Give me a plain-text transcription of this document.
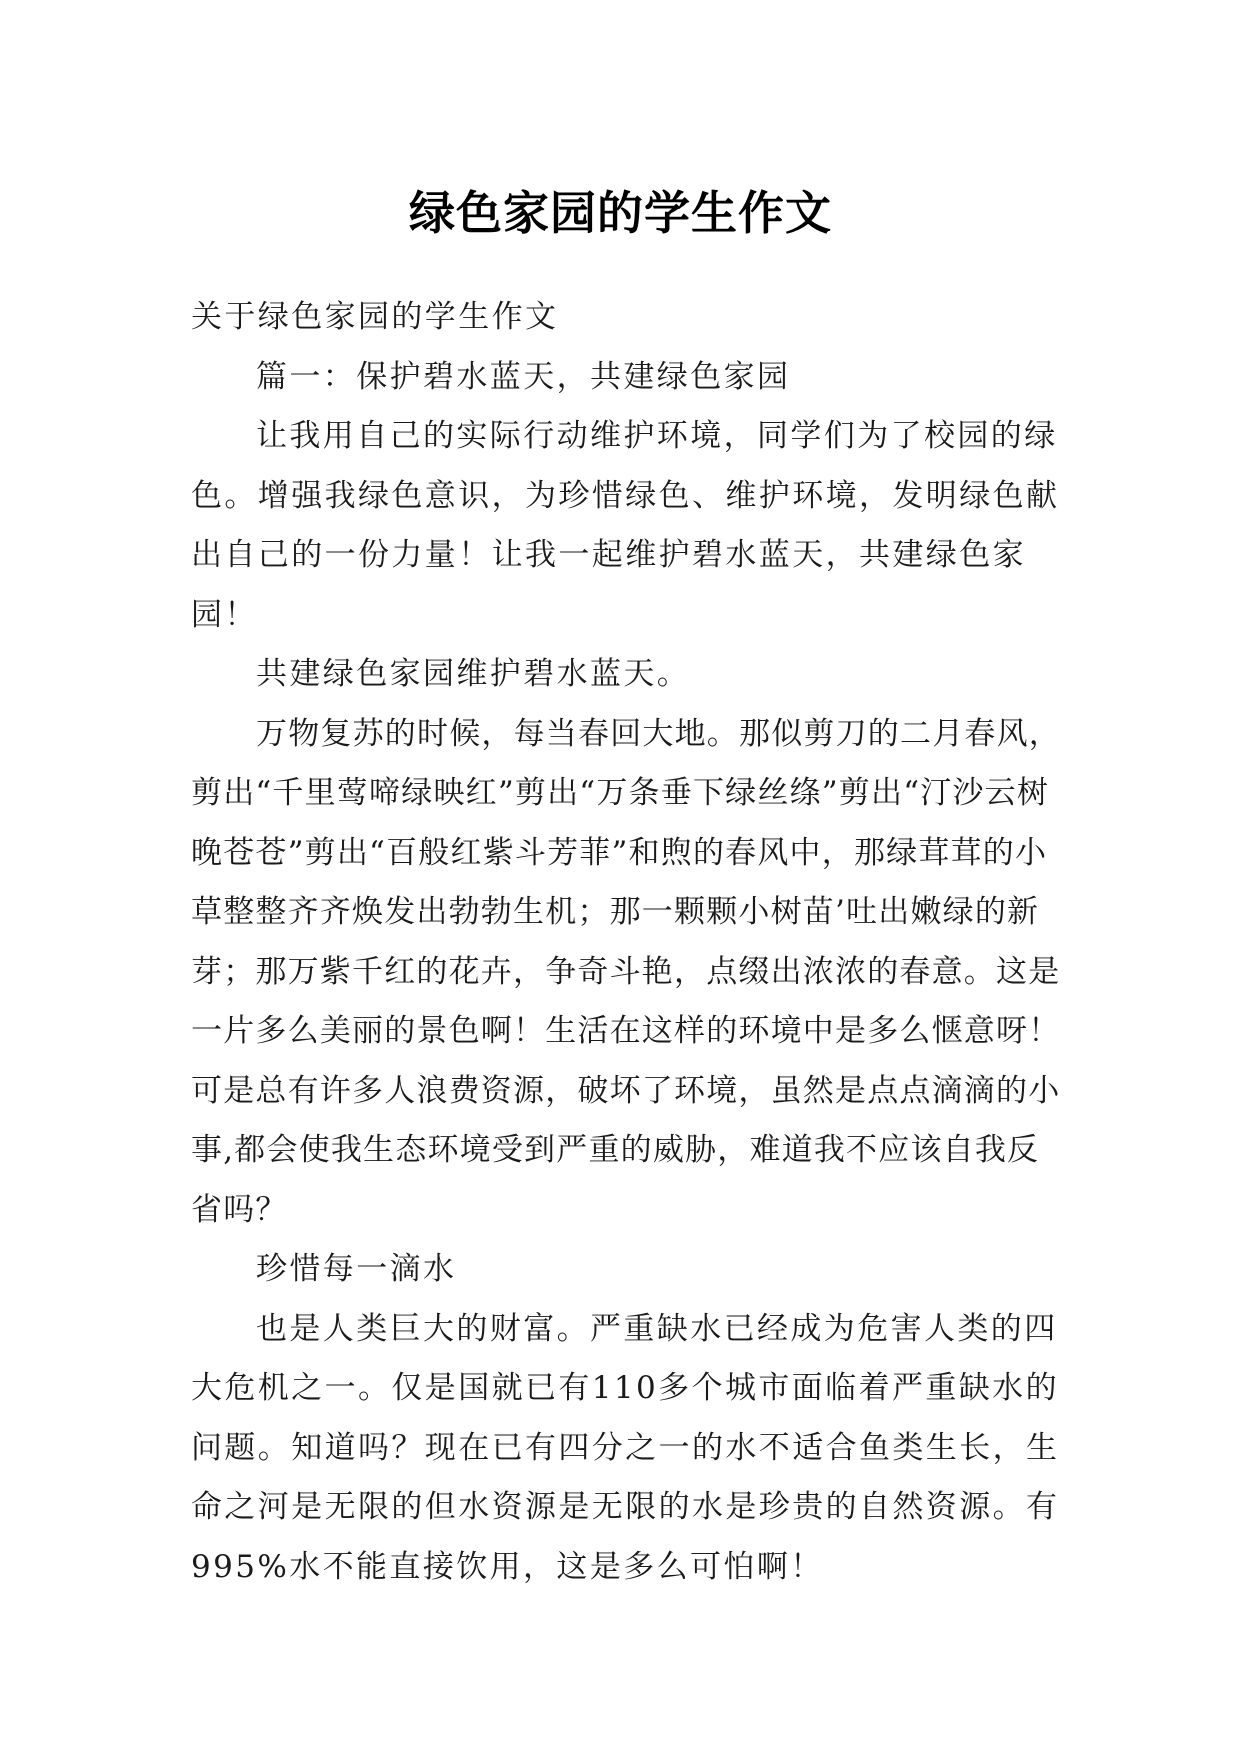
绿色家园的学生作文

关于绿色家园的学生作文

篇一：保护碧水蓝天，共建绿色家园

让我用自己的实际行动维护环境，同学们为了校园的绿色。增强我绿色意识，为珍惜绿色、维护环境，发明绿色献出自己的一份力量！让我一起维护碧水蓝天，共建绿色家园！

共建绿色家园维护碧水蓝天。

万物复苏的时候，每当春回大地。那似剪刀的二月春风，剪出“千里莺啼绿映红”剪出“万条垂下绿丝绦”剪出“汀沙云树晚苍苍”剪出“百般红紫斗芳菲”和煦的春风中，那绿茸茸的小草整整齐齐焕发出勃勃生机；那一颗颗小树苗’吐出嫩绿的新芽；那万紫千红的花卉，争奇斗艳，点缀出浓浓的春意。这是一片多么美丽的景色啊！生活在这样的环境中是多么惬意呀！可是总有许多人浪费资源，破坏了环境，虽然是点点滴滴的小事,都会使我生态环境受到严重的威胁，难道我不应该自我反省吗？

珍惜每一滴水

也是人类巨大的财富。严重缺水已经成为危害人类的四大危机之一。仅是国就已有110多个城市面临着严重缺水的问题。知道吗？现在已有四分之一的水不适合鱼类生长，生命之河是无限的但水资源是无限的水是珍贵的自然资源。有995%水不能直接饮用，这是多么可怕啊！
